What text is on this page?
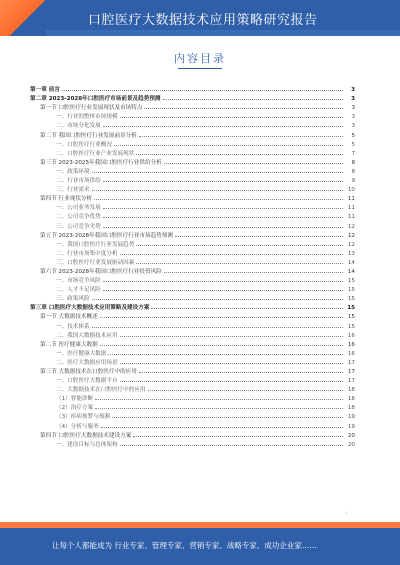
口腔医疗大数据技术应用策略研究报告
内容目录
第一章 前言	3
第二章 2023-2028年口腔医疗市场前景及趋势预测	3
第一节 口腔医疗行业发展现状及市场特点	3
一、行业的整体市场规模	3
二、市场分化发展	3
第二节 我国口腔医疗行业发展前景分析	5
一、口腔医疗行业概况	5
二、口腔医疗行业产业发展现状	7
第三节 2023-2025年我国口腔医疗行业供给分析	8
一、政策环境	8
二、行业市场供给	9
三、行业需求	10
第四节 行业现状分析	11
一、公司业务发展	11
二、公司竞争优势	11
三、公司竞争劣势	12
第五节 2023-2028年我国口腔医疗行业市场趋势预测	12
一、我国口腔医疗行业发展趋势	12
二、行业市场集中度分析	13
三、口腔医疗行业发展驱动因素	14
第六节 2023-2028年我国口腔医疗行业投资风险	14
一、市场竞争风险	15
二、人才不足风险	15
三、政策风险	15
第三章 口腔医疗大数据技术应用策略及建设方案	15
第一节 大数据技术概述	15
一、技术体系	15
二、我国大数据技术应用	16
第二节 医疗健康大数据	16
一、医疗健康大数据	16
二、医疗大数据应用场景	17
第三节 大数据技术在口腔医疗中的应用	17
一、口腔医疗大数据平台	17
二、大数据技术在口腔医疗中的应用	18
（1）智能诊断	18
（2）治疗方案	18
（3）疾病预警与预测	19
（4）分析与服务	19
第四节 口腔医疗大数据技术建设方案	20
一、建设目标与总体架构	20
i
让每个人都能成为 行业专家、管理专家、营销专家、战略专家、成功企业家……
